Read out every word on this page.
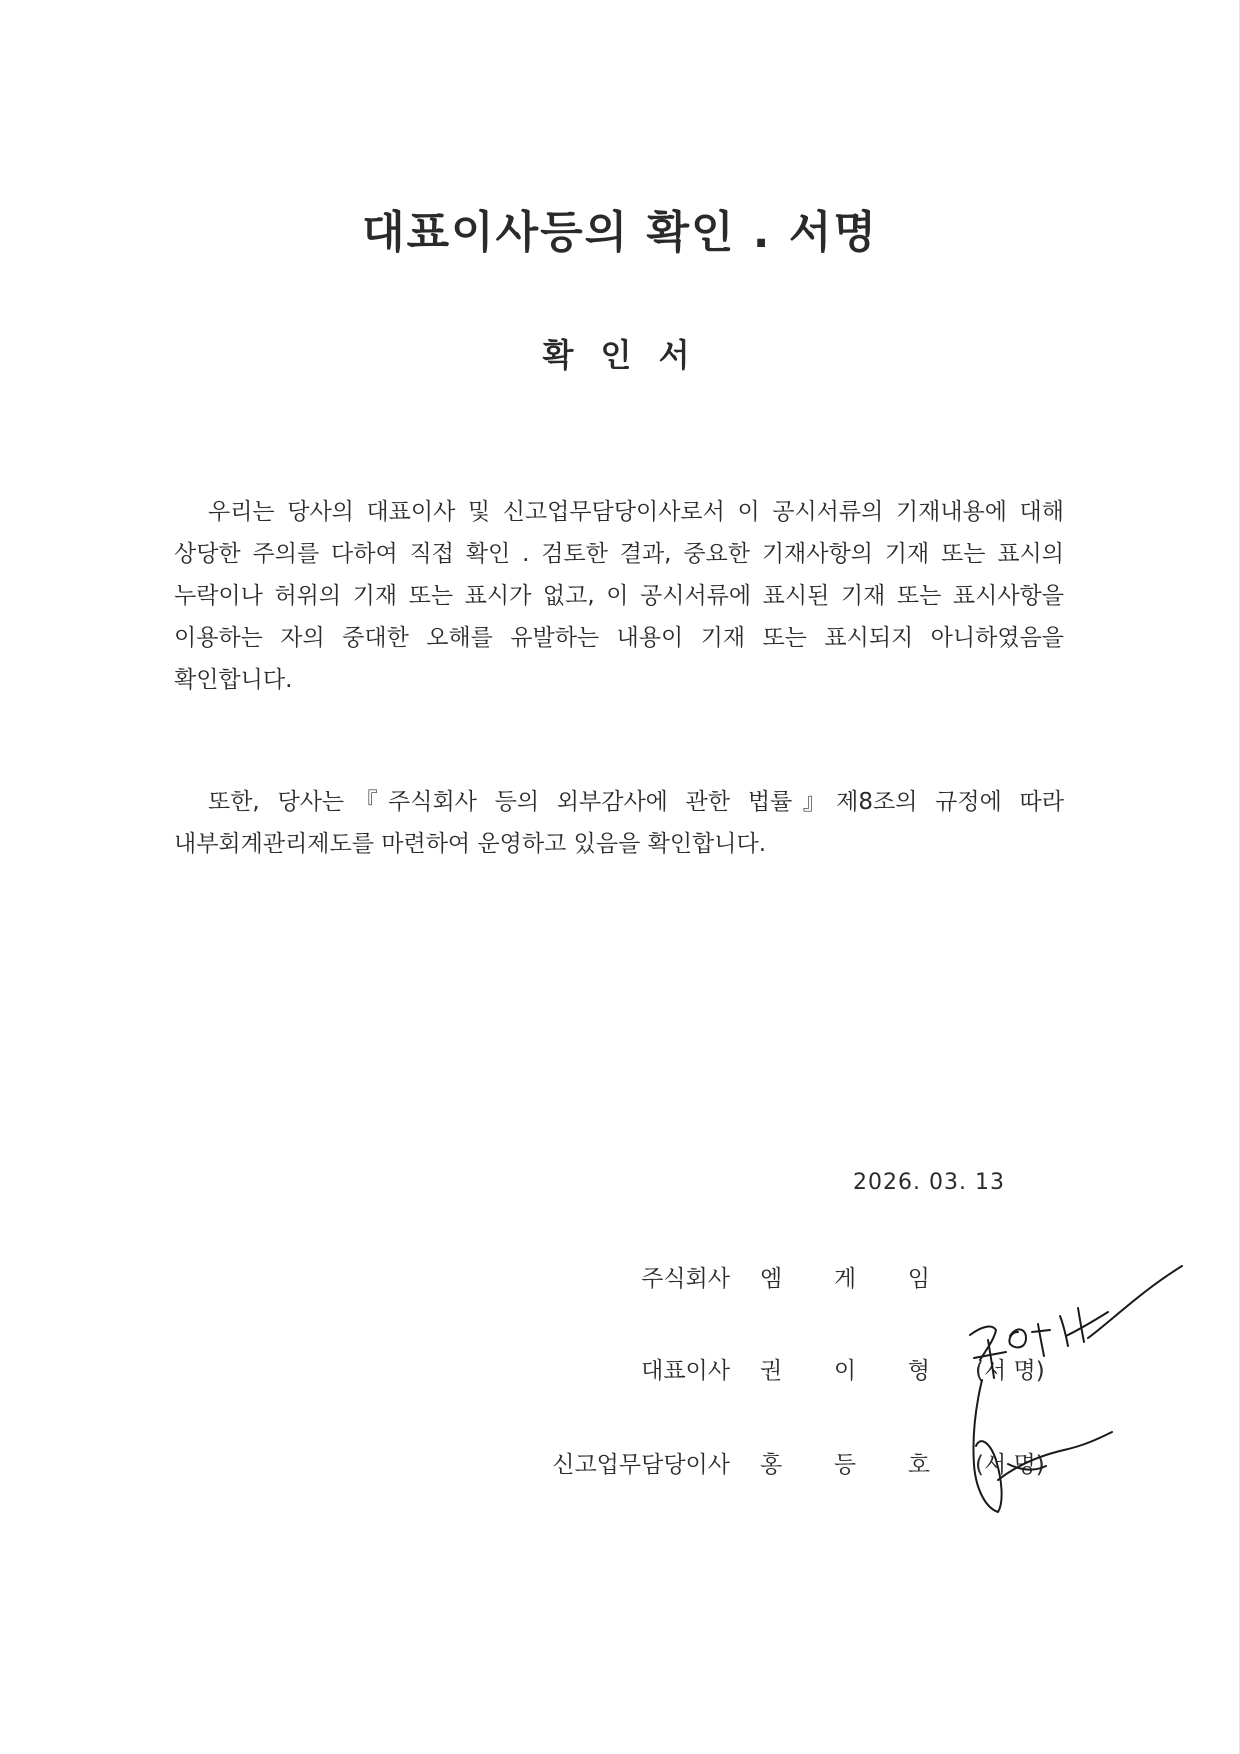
대표이사등의 확인 . 서명
확 인 서

우리는 당사의 대표이사 및 신고업무담당이사로서 이 공시서류의 기재내용에 대해 상당한 주의를 다하여 직접 확인 . 검토한 결과, 중요한 기재사항의 기재 또는 표시의 누락이나 허위의 기재 또는 표시가 없고, 이 공시서류에 표시된 기재 또는 표시사항을 이용하는 자의 중대한 오해를 유발하는 내용이 기재 또는 표시되지 아니하였음을 확인합니다.

또한, 당사는『주식회사 등의 외부감사에 관한 법률』제8조의 규정에 따라 내부회계관리제도를 마련하여 운영하고 있음을 확인합니다.

2026. 03. 13
주식회사 엠 게 임
대표이사 권 이 형 (서 명)
신고업무담당이사 홍 등 호 (서 명)
